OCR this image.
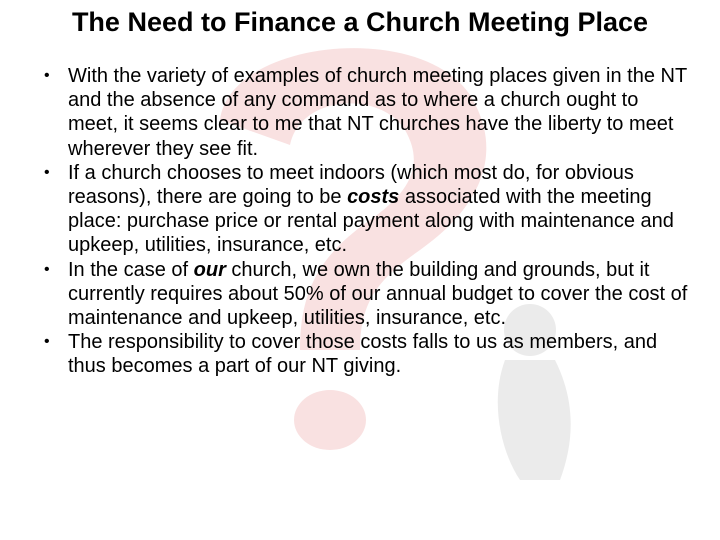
The Need to Finance a Church Meeting Place
• With the variety of examples of church meeting places given in the NT and the absence of any command as to where a church ought to meet, it seems clear to me that NT churches have the liberty to meet wherever they see fit.
• If a church chooses to meet indoors (which most do, for obvious reasons), there are going to be costs associated with the meeting place: purchase price or rental payment along with maintenance and upkeep, utilities, insurance, etc.
• In the case of our church, we own the building and grounds, but it currently requires about 50% of our annual budget to cover the cost of maintenance and upkeep, utilities, insurance, etc.
• The responsibility to cover those costs falls to us as members, and thus becomes a part of our NT giving.
